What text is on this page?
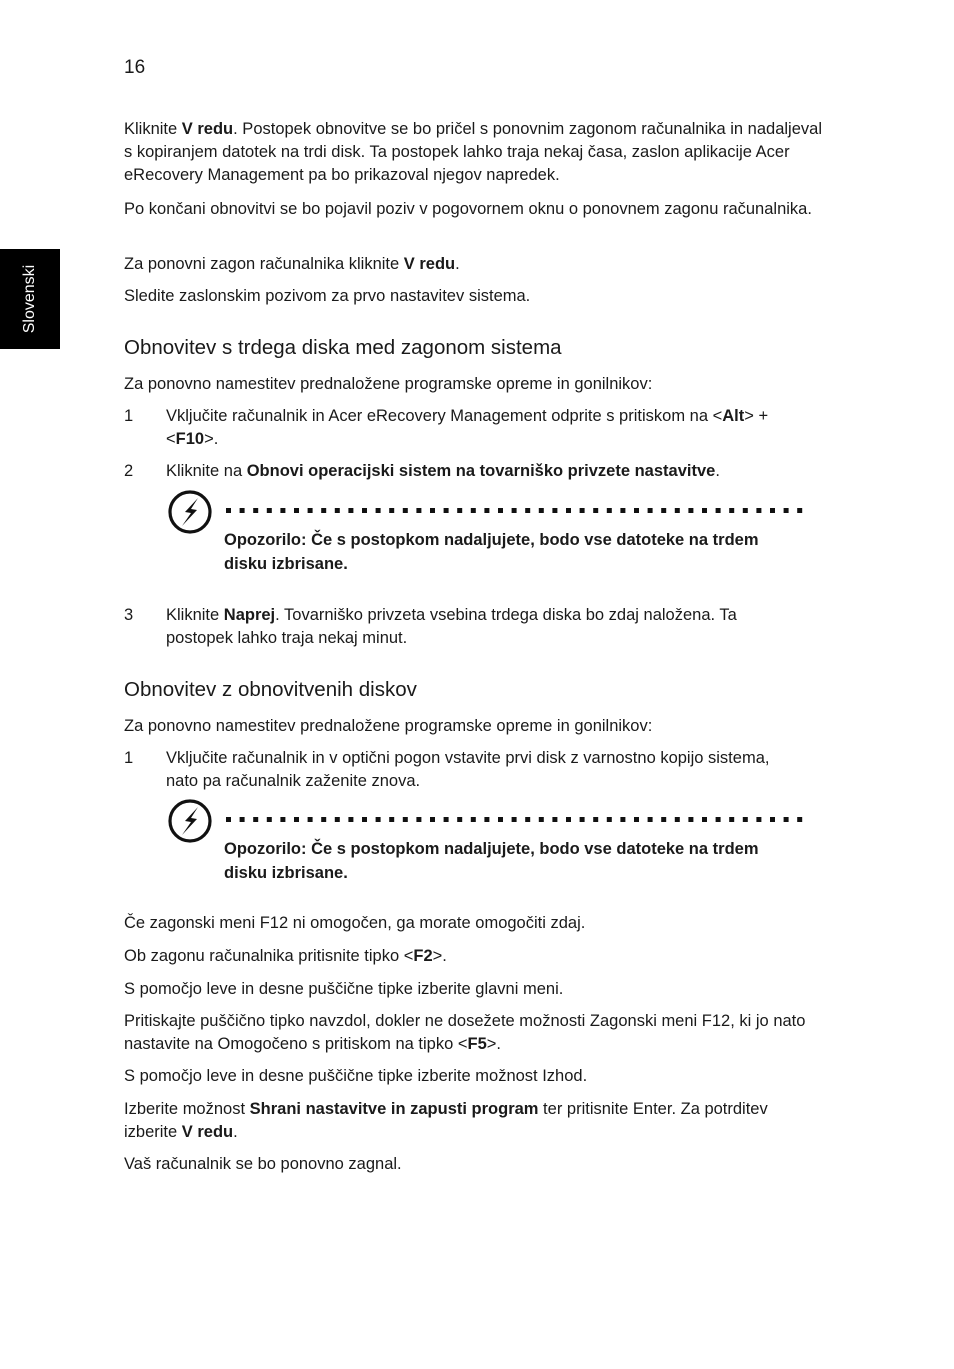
16
Slovenski

Kliknite V redu. Postopek obnovitve se bo pričel s ponovnim zagonom računalnika in nadaljeval s kopiranjem datotek na trdi disk. Ta postopek lahko traja nekaj časa, zaslon aplikacije Acer eRecovery Management pa bo prikazoval njegov napredek.

Po končani obnovitvi se bo pojavil poziv v pogovornem oknu o ponovnem zagonu računalnika.

Za ponovni zagon računalnika kliknite V redu.

Sledite zaslonskim pozivom za prvo nastavitev sistema.

Obnovitev s trdega diska med zagonom sistema

Za ponovno namestitev prednaložene programske opreme in gonilnikov:

1 Vključite računalnik in Acer eRecovery Management odprite s pritiskom na <Alt> + <F10>.

2 Kliknite na Obnovi operacijski sistem na tovarniško privzete nastavitve.

Opozorilo: Če s postopkom nadaljujete, bodo vse datoteke na trdem disku izbrisane.

3 Kliknite Naprej. Tovarniško privzeta vsebina trdega diska bo zdaj naložena. Ta postopek lahko traja nekaj minut.

Obnovitev z obnovitvenih diskov

Za ponovno namestitev prednaložene programske opreme in gonilnikov:

1 Vključite računalnik in v optični pogon vstavite prvi disk z varnostno kopijo sistema, nato pa računalnik zaženite znova.

Opozorilo: Če s postopkom nadaljujete, bodo vse datoteke na trdem disku izbrisane.

Če zagonski meni F12 ni omogočen, ga morate omogočiti zdaj.

Ob zagonu računalnika pritisnite tipko <F2>.

S pomočjo leve in desne puščične tipke izberite glavni meni.

Pritiskajte puščično tipko navzdol, dokler ne dosežete možnosti Zagonski meni F12, ki jo nato nastavite na Omogočeno s pritiskom na tipko <F5>.

S pomočjo leve in desne puščične tipke izberite možnost Izhod.

Izberite možnost Shrani nastavitve in zapusti program ter pritisnite Enter. Za potrditev izberite V redu.

Vaš računalnik se bo ponovno zagnal.
